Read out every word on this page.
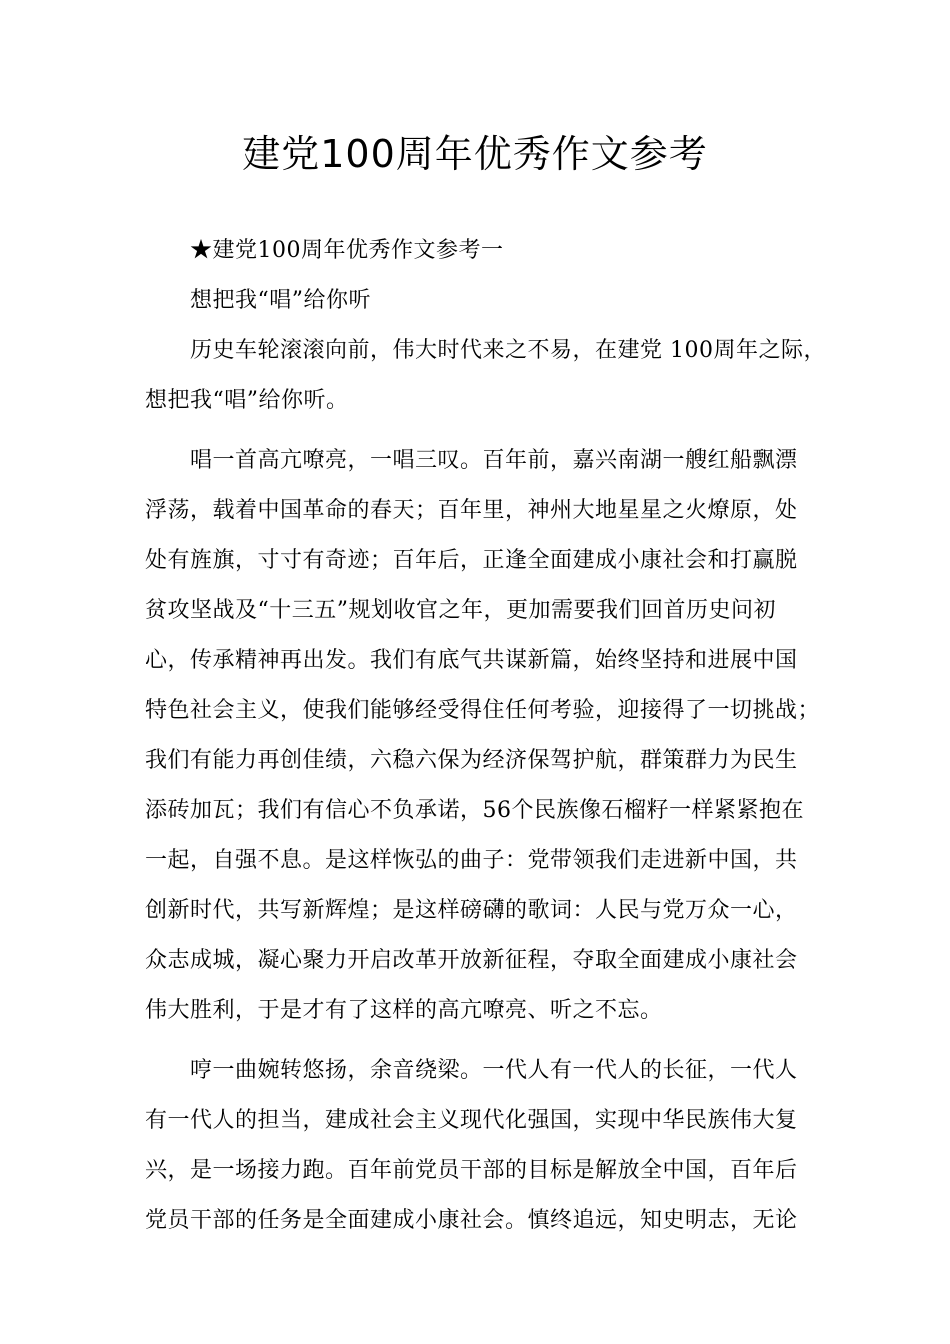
建党100周年优秀作文参考
★建党100周年优秀作文参考一
想把我“唱”给你听
历史车轮滚滚向前，伟大时代来之不易，在建党 100周年之际，
想把我“唱”给你听。
唱一首高亢嘹亮，一唱三叹。百年前，嘉兴南湖一艘红船飘漂
浮荡，载着中国革命的春天；百年里，神州大地星星之火燎原，处
处有旌旗，寸寸有奇迹；百年后，正逢全面建成小康社会和打赢脱
贫攻坚战及“十三五”规划收官之年，更加需要我们回首历史问初
心，传承精神再出发。我们有底气共谋新篇，始终坚持和进展中国
特色社会主义，使我们能够经受得住任何考验，迎接得了一切挑战；
我们有能力再创佳绩，六稳六保为经济保驾护航，群策群力为民生
添砖加瓦；我们有信心不负承诺，56个民族像石榴籽一样紧紧抱在
一起，自强不息。是这样恢弘的曲子：党带领我们走进新中国，共
创新时代，共写新辉煌；是这样磅礴的歌词：人民与党万众一心，
众志成城，凝心聚力开启改革开放新征程，夺取全面建成小康社会
伟大胜利，于是才有了这样的高亢嘹亮、听之不忘。
哼一曲婉转悠扬，余音绕梁。一代人有一代人的长征，一代人
有一代人的担当，建成社会主义现代化强国，实现中华民族伟大复
兴，是一场接力跑。百年前党员干部的目标是解放全中国，百年后
党员干部的任务是全面建成小康社会。慎终追远，知史明志，无论
